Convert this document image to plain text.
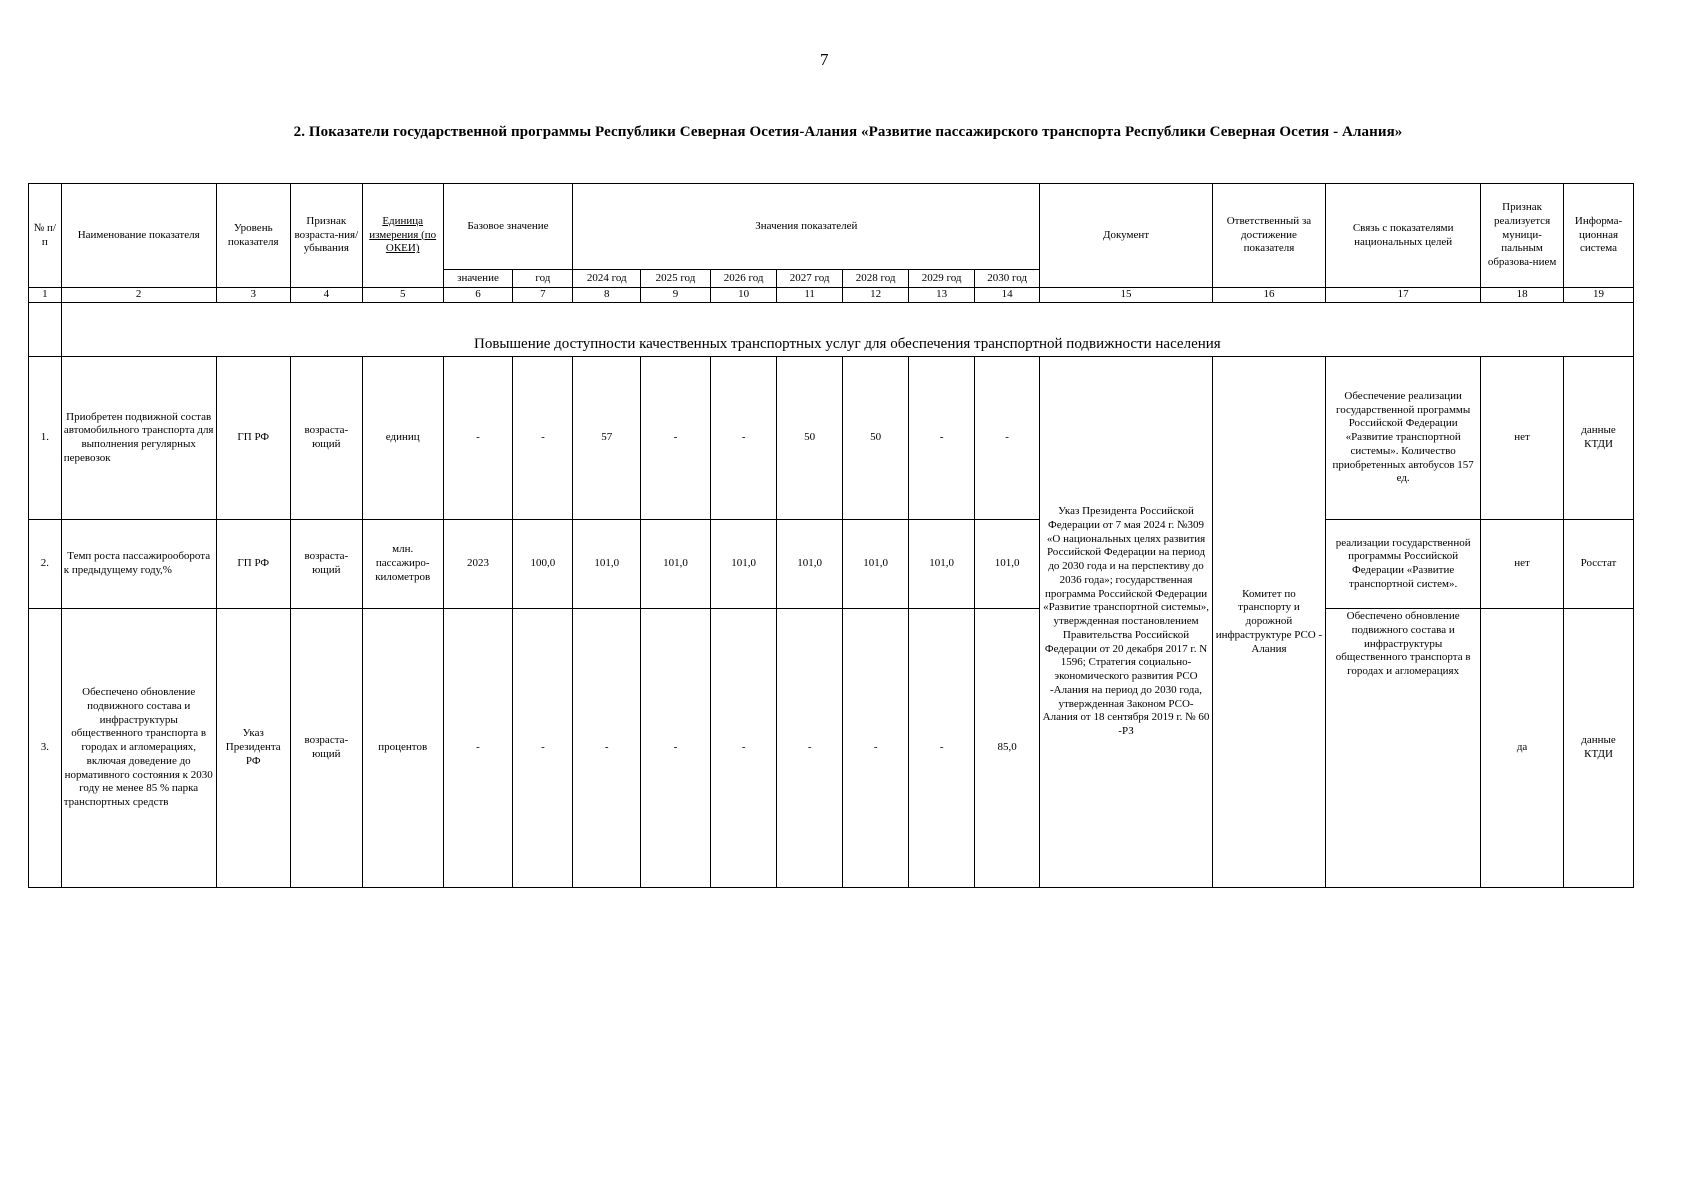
7
2. Показатели государственной программы Республики Северная Осетия-Алания «Развитие пассажирского транспорта Республики Северная Осетия - Алания»
№ п/п	Наименование показателя	Уровень показателя	Признак возраста-ния/ убывания	Единица измерения (по ОКЕИ)	Базовое значение		Значения показателей							Документ	Ответственный за достижение показателя	Связь с показателями национальных целей	Признак реализуется муници-пальным образова-нием	Информа-ционная система
					значение	год	2024 год	2025 год	2026 год	2027 год	2028 год	2029 год	2030 год					
1	2	3	4	5	6	7	8	9	10	11	12	13	14	15	16	17	18	19
	Повышение доступности качественных транспортных услуг для обеспечения транспортной подвижности населения																	
1.	Приобретен подвижной состав автомобильного транспорта для выполнения регулярных перевозок	ГП РФ	возраста-ющий	единиц	-	-	57	-	-	50	50	-	-	Указ Президента Российской Федерации от 7 мая 2024 г. №309 «О национальных целях развития Российской Федерации на период до 2030 года и на перспективу до 2036 года»; государственная программа Российской Федерации «Развитие транспортной системы», утвержденная постановлением Правительства Российской Федерации от 20 декабря 2017 г. N 1596; Стратегия социально-экономического развития РСО -Алания на период до 2030 года, утвержденная Законом РСО-Алания от 18 сентября 2019 г. № 60 -РЗ	Комитет по транспорту и дорожной инфраструктуре РСО - Алания	Обеспечение реализации государственной программы Российской Федерации «Развитие транспортной системы». Количество приобретенных автобусов 157 ед.	нет	данные КТДИ
2.	Темп роста пассажирооборота к предыдущему году,%	ГП РФ	возраста-ющий	млн. пассажиро-километров	2023	100,0	101,0	101,0	101,0	101,0	101,0	101,0	101,0			реализации государственной программы Российской Федерации «Развитие транспортной систем».	нет	Росстат
3.	Обеспечено обновление подвижного состава и инфраструктуры общественного транспорта в городах и агломерациях, включая доведение до нормативного состояния к 2030 году не менее 85 % парка транспортных средств	Указ Президента РФ	возраста-ющий	процентов	-	-	-	-	-	-	-	-	85,0			Обеспечено обновление подвижного состава и инфраструктуры общественного транспорта в городах и агломерациях	да	данные КТДИ
